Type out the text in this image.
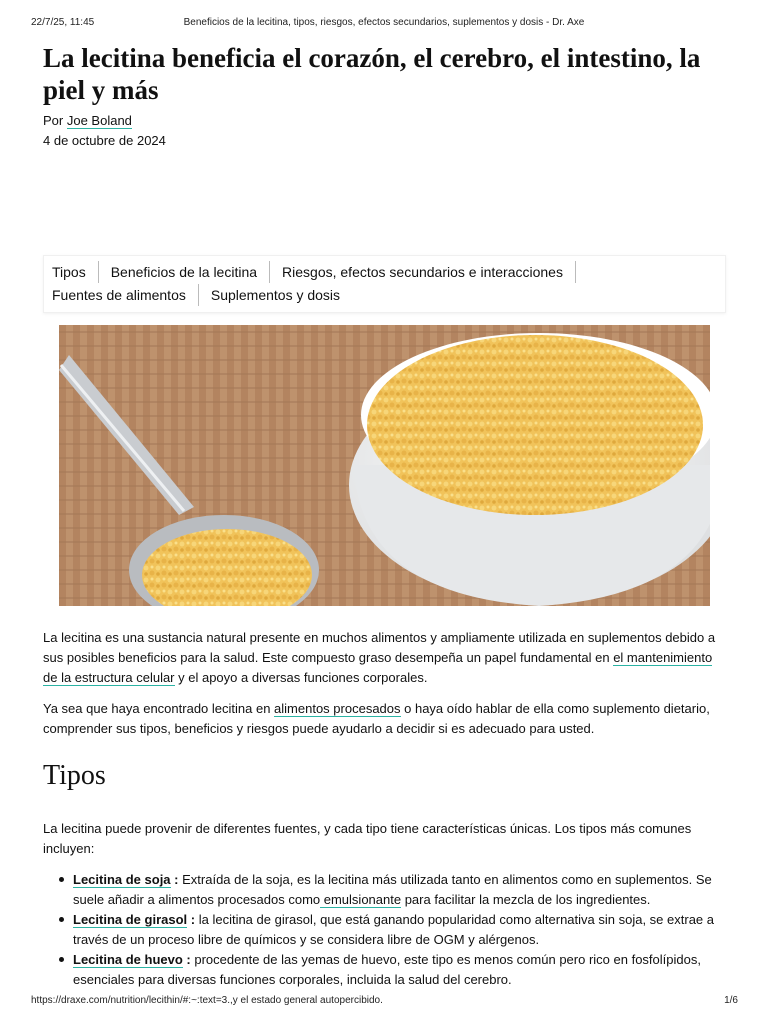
22/7/25, 11:45	Beneficios de la lecitina, tipos, riesgos, efectos secundarios, suplementos y dosis - Dr. Axe
La lecitina beneficia el corazón, el cerebro, el intestino, la piel y más
Por Joe Boland
4 de octubre de 2024
Tipos	Beneficios de la lecitina	Riesgos, efectos secundarios e interacciones
Fuentes de alimentos	Suplementos y dosis

La lecitina es una sustancia natural presente en muchos alimentos y ampliamente utilizada en suplementos debido a sus posibles beneficios para la salud. Este compuesto graso desempeña un papel fundamental en el mantenimiento de la estructura celular y el apoyo a diversas funciones corporales.

Ya sea que haya encontrado lecitina en alimentos procesados o haya oído hablar de ella como suplemento dietario, comprender sus tipos, beneficios y riesgos puede ayudarlo a decidir si es adecuado para usted.

Tipos

La lecitina puede provenir de diferentes fuentes, y cada tipo tiene características únicas. Los tipos más comunes incluyen:

Lecitina de soja : Extraída de la soja, es la lecitina más utilizada tanto en alimentos como en suplementos. Se suele añadir a alimentos procesados como emulsionante para facilitar la mezcla de los ingredientes.
Lecitina de girasol : la lecitina de girasol, que está ganando popularidad como alternativa sin soja, se extrae a través de un proceso libre de químicos y se considera libre de OGM y alérgenos.
Lecitina de huevo : procedente de las yemas de huevo, este tipo es menos común pero rico en fosfolípidos, esenciales para diversas funciones corporales, incluida la salud del cerebro.
https://draxe.com/nutrition/lecithin/#:~:text=3.,y el estado general autopercibido.	1/6
